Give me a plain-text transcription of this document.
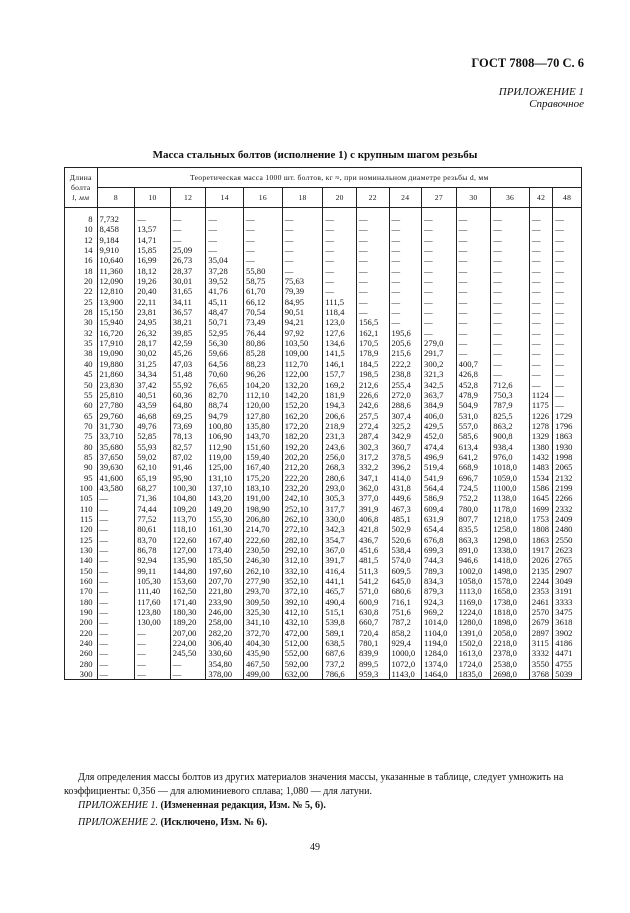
ГОСТ 7808—70 С. 6
ПРИЛОЖЕНИЕ 1
Справочное
Масса стальных болтов (исполнение 1) с крупным шагом резьбы
Длина
болта
l, мм	Теоретическая масса 1000 шт. болтов, кг ≈, при номинальном диаметре резьбы d, мм													
	8	10	12	14	16	18	20	22	24	27	30	36	42	48

8	7,732	—	—	—	—	—	—	—	—	—	—	—	—	—
10	8,458	13,57	—	—	—	—	—	—	—	—	—	—	—	—
12	9,184	14,71	—	—	—	—	—	—	—	—	—	—	—	—
14	9,910	15,85	25,09	—	—	—	—	—	—	—	—	—	—	—
16	10,640	16,99	26,73	35,04	—	—	—	—	—	—	—	—	—	—
18	11,360	18,12	28,37	37,28	55,80	—	—	—	—	—	—	—	—	—
20	12,090	19,26	30,01	39,52	58,75	75,63	—	—	—	—	—	—	—	—
22	12,810	20,40	31,65	41,76	61,70	79,39	—	—	—	—	—	—	—	—
25	13,900	22,11	34,11	45,11	66,12	84,95	111,5	—	—	—	—	—	—	—
28	15,150	23,81	36,57	48,47	70,54	90,51	118,4	—	—	—	—	—	—	—
30	15,940	24,95	38,21	50,71	73,49	94,21	123,0	156,5	—	—	—	—	—	—
32	16,720	26,32	39,85	52,95	76,44	97,92	127,6	162,1	195,6	—	—	—	—	—
35	17,910	28,17	42,59	56,30	80,86	103,50	134,6	170,5	205,6	279,0	—	—	—	—
38	19,090	30,02	45,26	59,66	85,28	109,00	141,5	178,9	215,6	291,7	—	—	—	—
40	19,880	31,25	47,03	64,56	88,23	112,70	146,1	184,5	222,2	300,2	400,7	—	—	—
45	21,860	34,34	51,48	70,60	96,26	122,00	157,7	198,5	238,8	321,3	426,8	—	—	—
50	23,830	37,42	55,92	76,65	104,20	132,20	169,2	212,6	255,4	342,5	452,8	712,6	—	—
55	25,810	40,51	60,36	82,70	112,10	142,20	181,9	226,6	272,0	363,7	478,9	750,3	1124	—
60	27,780	43,59	64,80	88,74	120,00	152,20	194,3	242,6	288,6	384,9	504,9	787,9	1175	—
65	29,760	46,68	69,25	94,79	127,80	162,20	206,6	257,5	307,4	406,0	531,0	825,5	1226	1729
70	31,730	49,76	73,69	100,80	135,80	172,20	218,9	272,4	325,2	429,5	557,0	863,2	1278	1796
75	33,710	52,85	78,13	106,90	143,70	182,20	231,3	287,4	342,9	452,0	585,6	900,8	1329	1863
80	35,680	55,93	82,57	112,90	151,60	192,20	243,6	302,3	360,7	474,4	613,4	938,4	1380	1930
85	37,650	59,02	87,02	119,00	159,40	202,20	256,0	317,2	378,5	496,9	641,2	976,0	1432	1998
90	39,630	62,10	91,46	125,00	167,40	212,20	268,3	332,2	396,2	519,4	668,9	1018,0	1483	2065
95	41,600	65,19	95,90	131,10	175,20	222,20	280,6	347,1	414,0	541,9	696,7	1059,0	1534	2132
100	43,580	68,27	100,30	137,10	183,10	232,20	293,0	362,0	431,8	564,4	724,5	1100,0	1586	2199
105	—	71,36	104,80	143,20	191,00	242,10	305,3	377,0	449,6	586,9	752,2	1138,0	1645	2266
110	—	74,44	109,20	149,20	198,90	252,10	317,7	391,9	467,3	609,4	780,0	1178,0	1699	2332
115	—	77,52	113,70	155,30	206,80	262,10	330,0	406,8	485,1	631,9	807,7	1218,0	1753	2409
120	—	80,61	118,10	161,30	214,70	272,10	342,3	421,8	502,9	654,4	835,5	1258,0	1808	2480
125	—	83,70	122,60	167,40	222,60	282,10	354,7	436,7	520,6	676,8	863,3	1298,0	1863	2550
130	—	86,78	127,00	173,40	230,50	292,10	367,0	451,6	538,4	699,3	891,0	1338,0	1917	2623
140	—	92,94	135,90	185,50	246,30	312,10	391,7	481,5	574,0	744,3	946,6	1418,0	2026	2765
150	—	99,11	144,80	197,60	262,10	332,10	416,4	511,3	609,5	789,3	1002,0	1498,0	2135	2907
160	—	105,30	153,60	207,70	277,90	352,10	441,1	541,2	645,0	834,3	1058,0	1578,0	2244	3049
170	—	111,40	162,50	221,80	293,70	372,10	465,7	571,0	680,6	879,3	1113,0	1658,0	2353	3191
180	—	117,60	171,40	233,90	309,50	392,10	490,4	600,9	716,1	924,3	1169,0	1738,0	2461	3333
190	—	123,80	180,30	246,00	325,30	412,10	515,1	630,8	751,6	969,2	1224,0	1818,0	2570	3475
200	—	130,00	189,20	258,00	341,10	432,10	539,8	660,7	787,2	1014,0	1280,0	1898,0	2679	3618
220	—	—	207,00	282,20	372,70	472,00	589,1	720,4	858,2	1104,0	1391,0	2058,0	2897	3902
240	—	—	224,00	306,40	404,30	512,00	638,5	780,1	929,4	1194,0	1502,0	2218,0	3115	4186
260	—	—	245,50	330,60	435,90	552,00	687,6	839,9	1000,0	1284,0	1613,0	2378,0	3332	4471
280	—	—	—	354,80	467,50	592,00	737,2	899,5	1072,0	1374,0	1724,0	2538,0	3550	4755
300	—	—	—	378,00	499,00	632,00	786,6	959,3	1143,0	1464,0	1835,0	2698,0	3768	5039
Для определения массы болтов из других материалов значения массы, указанные в таблице, следует умножить на коэффициенты: 0,356 — для алюминиевого сплава; 1,080 — для латуни.
ПРИЛОЖЕНИЕ 1. (Измененная редакция, Изм. № 5, 6).
ПРИЛОЖЕНИЕ 2. (Исключено, Изм. № 6).
49
